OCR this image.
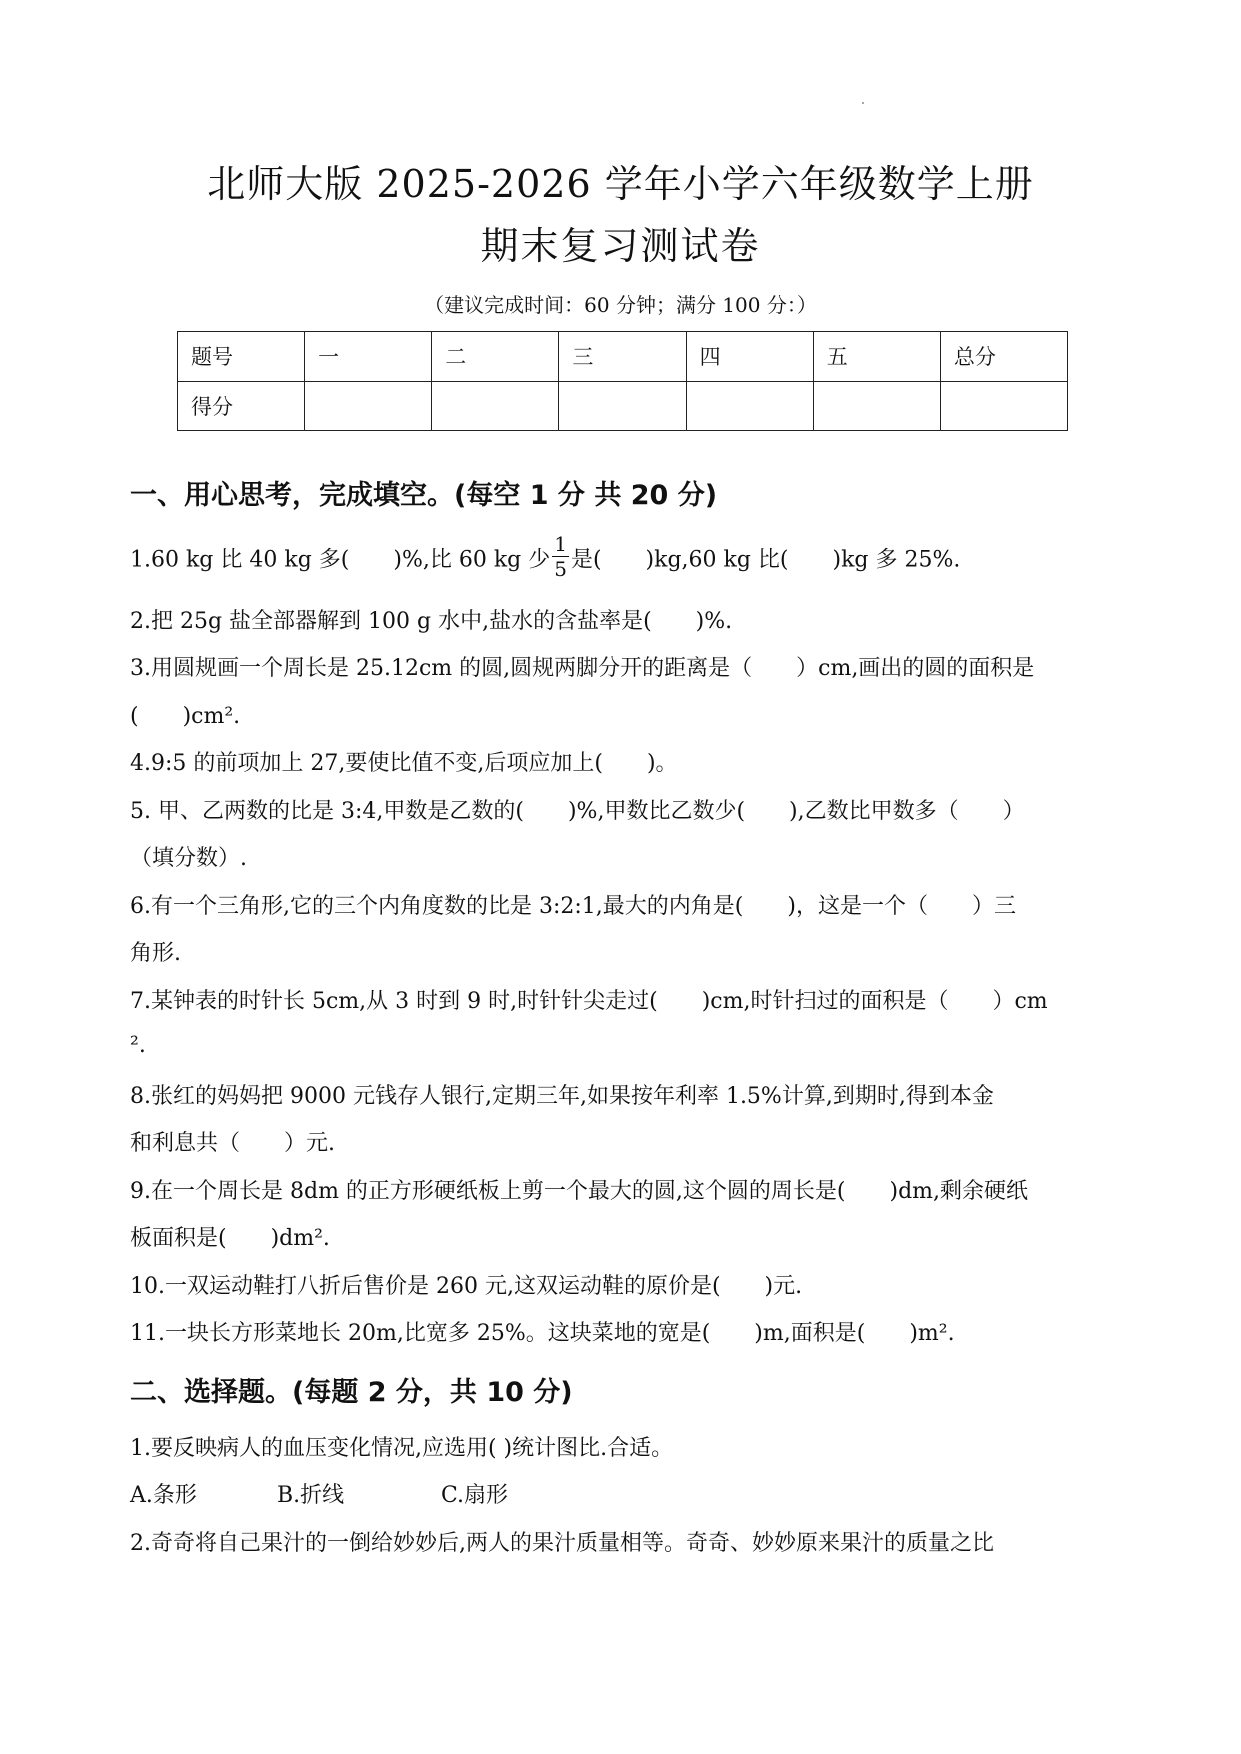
北师大版 2025-2026 学年小学六年级数学上册
期末复习测试卷
（建议完成时间：60 分钟；满分 100 分：）
题号	一	二	三	四	五	总分
得分						
一、用心思考，完成填空。(每空 1 分 共 20 分)
1.60 kg 比 40 kg 多(　　)%,比 60 kg 少 $\frac{1}{5}$ 是(　　)kg,60 kg 比(　　)kg 多 25%.
2.把 25g 盐全部器解到 100 g 水中,盐水的含盐率是(　　)%.
3.用圆规画一个周长是 25.12cm 的圆,圆规两脚分开的距离是（　　）cm,画出的圆的面积是
(　　)cm².
4.9:5 的前项加上 27,要使比值不变,后项应加上(　　)。
5. 甲、乙两数的比是 3:4,甲数是乙数的(　　)%,甲数比乙数少(　　),乙数比甲数多（　　）
（填分数）.
6.有一个三角形,它的三个内角度数的比是 3:2:1,最大的内角是(　　)，这是一个（　　）三
角形.
7.某钟表的时针长 5cm,从 3 时到 9 时,时针针尖走过(　　)cm,时针扫过的面积是（　　）cm
².
8.张红的妈妈把 9000 元钱存人银行,定期三年,如果按年利率 1.5%计算,到期时,得到本金
和利息共（　　）元.
9.在一个周长是 8dm 的正方形硬纸板上剪一个最大的圆,这个圆的周长是(　　)dm,剩余硬纸
板面积是(　　)dm².
10.一双运动鞋打八折后售价是 260 元,这双运动鞋的原价是(　　)元.
11.一块长方形菜地长 20m,比宽多 25%。这块菜地的宽是(　　)m,面积是(　　)m².
二、选择题。(每题 2 分，共 10 分)
1.要反映病人的血压变化情况,应选用( )统计图比.合适。
A.条形	B.折线	C.扇形
2.奇奇将自己果汁的一倒给妙妙后,两人的果汁质量相等。奇奇、妙妙原来果汁的质量之比
